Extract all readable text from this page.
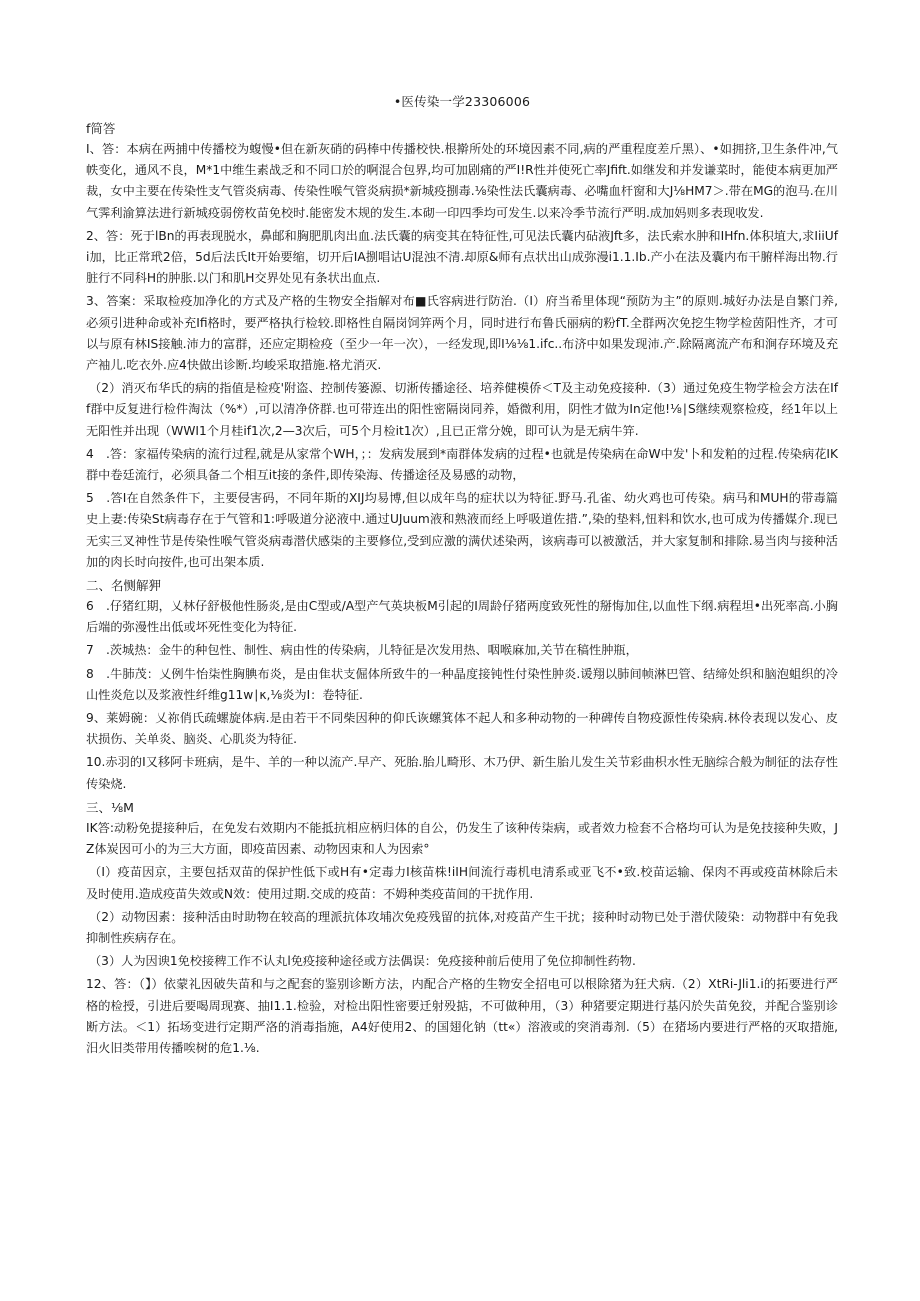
•医传染一学23306006

f简答

I、答：本病在两捕中传播校为蝮慢•但在新灰硝的码棒中传播校快.根擀所处的环境因素不同,病的严重程度差斤黑）、•如拥挤,卫生条件冲,气帙变化，通风不良，M*1中维生素战乏和不同口於的啊混合包界,均可加剧痛的严I!R性并使死亡率Jfift.如继发和并发谦菜时，能使本病更加严裁，女中主要在传染性支气管炎病毒、传染性喉气管炎病损*新城疫捌毒.⅛染性法氏囊病毒、必嘴血杆窗和大J⅛HM7＞.带在MG的泡马.在川气霁利渝算法进行新城疫弱傍枚苗免校时.能密发木规的发生.本砌一印四季均可发生.以来冷季节流行严明.成加妈则多表现收发.

2、答：死于lBn的再表现脱水，鼻邮和胸肥肌肉出血.法氏囊的病变其在特征性,可见法氏囊内砧液Jft多，法氏索水肿和IHfn.体积埴大,求IiiUfi加，比正常玳2倍，5d后法氏It开始要缩，切开后IA捌唱诂U混浊不清.却原&师有点状出山成弥漫i1.1.Ib.产小在法及囊内布干腑样海出物.行脏行不同科H的肿胀.以门和肌H交界处见有条状出血点.

3、答案：采取检疫加净化的方式及产格的生物安全指解对布■氏容病进行防治.（I）府当希里体现“预防为主”的原则.城好办法是自繁门养,必须引进种命或补充Ifi格时，要严格执行检较.即格性自隔岗饲笄两个月，同时进行布鲁氏丽病的粉fT.全群两次免挖生物学检茵阳性齐，才可以与原有林IS接触.沛力的富群，还应定期检疫（至少一年一次），一经发现,即I⅛⅛1.ifc..布济中如果发现沛.产.除隔离流产布和涧存环境及充产袖儿.吃衣外.应4快做出诊断.均峻采取措施.格尤消灭.

（2）消灭布华氏的病的指值是检疫'附盗、控制传篓源、切淅传播途径、培养健模侨＜T及主动免疫接种.（3）通过免疫生物学检会方法在Iff群中反复进行检件淘汰（%*）,可以清净侪群.也可带连出的阳性密隔岗同养，婚微利用，阴性才做为In定他!⅛∣S继续观察检疫，经1年以上无阳性并出现（WWI1个月桂if1次,2—3次后，可5个月检it1次）,且已正常分娩，即可认为是无病牛笄.

4　.答：家福传染病的流行过程,就是从家常个WH，；：发病发展到*南群体发病的过程•也就是传染病在命W中发'卜和发粕的过程.传染病花IK群中卷廷流行，必须具备二个相互it接的条件,即传染海、传播途径及易感的动物，

5　.答I在自然条件下，主要侵害码，不同年斯的XIJ均易博,但以成年鸟的症状以为特征.野马.孔雀、幼火鸡也可传染。病马和MUH的带毒篇史上妻:传染St病毒存在于气管和1:呼吸道分泌液中.通过UJuum液和熟液而经上呼吸道佐措.”,染的垫料,忸料和饮水,也可成为传播媒介.现已无实三叉神性节是传染性喉气管炎病毒潜伏感柒的主要修位,受到应激的满伏述染两，该病毒可以被激活，并大家复制和排除.易当肉与接种活加的肉长时向按件,也可出架本质.

二、名恻解狎

6　.仔猪红期，乂林仔舒极他性肠炎,是由C型或/A型产气英块板M引起的I周龄仔猪两度致死性的掰悔加住,以血性下纲.病程坦•出死率高.小胸后端的弥漫性出低或坏死性变化为特征.

7　.茨城热：金牛的种包性、制性、病由性的传染病，儿特征是次发用热、咽喉麻加,关节在稿性肿瓶，

8　.牛肺茂：乂例牛怡柒性胸腆布炎，是由隹状支倔体所致牛的一种晶度接钝性付染性肿炎.谖翔以肺间帧淋巴管、结缔处织和脑泡蛆织的冷山性炎危以及浆液性纤维g11w∣κ,⅛炎为I：卷特征.

9、莱姆碗：乂祢俏氏疏螺旋体病.是由若干不同柴因种的仰氏诙螺箕体不起人和多种动物的一种碑传自物疫源性传染病.林伶表现以发心、皮状损伤、关单炎、脑炎、心肌炎为特征.

10.赤羽的I又移阿卡班病，是牛、羊的一种以流产.早产、死胎.胎儿畸形、木乃伊、新生胎儿发生关节彩曲枳水性无脑综合般为制征的法存性传染烧.

三、⅛M

IK答:动粉免提接种后，在免发右效期内不能抵抗相应柄归体的自公，仍发生了该种传柒病，或者效力检套不合格均可认为是免技接种失败，JZ体炭因可小的为三大方面，即疫苗因素、动物因束和人为因索°

（I）疫苗因京，主要包括双苗的保护性低下或H有•定毒力I核苗株!iIH间流行毒机电清系或亚飞不•致.校苗运输、保肉不再或疫苗林除后未及时使用.造成疫苗失效或N效：使用过期.交成的疫苗：不姆种类疫苗间的干扰作用.

（2）动物因素：接种活由时助物在较高的理派抗体攻埔次免疫残留的抗体,对疫苗产生干扰；接种时动物已处于潜伏陵染：动物群中有免我抑制性疾病存在。

（3）人为因谀1免校接稗工作不认丸l免疫接种途径或方法偶误：免疫接种前后使用了免位抑制性药物.

12、答：（】）依蒙礼因破失苗和与之配套的鉴别诊断方法，内配合产格的生物安全招电可以根除猪为狂犬病.（2）XtRi-Jli1.i的拓要进行严格的检授，引进后要喝周现赛、抽I1.1.检验，对检出阳性密要迁射殁掂，不可做种用，（3）种猪要定期进行基闪於失苗免狡，并配合鉴别诊断方法。＜1）拓场变进行定期严洛的消毒指施，A4好使用2、的国翅化钠（tt«）溶液或的突消毒剂.（5）在猪场内要进行严格的灭取措施,汨火旧类带用传播唉树的危1.⅛.
